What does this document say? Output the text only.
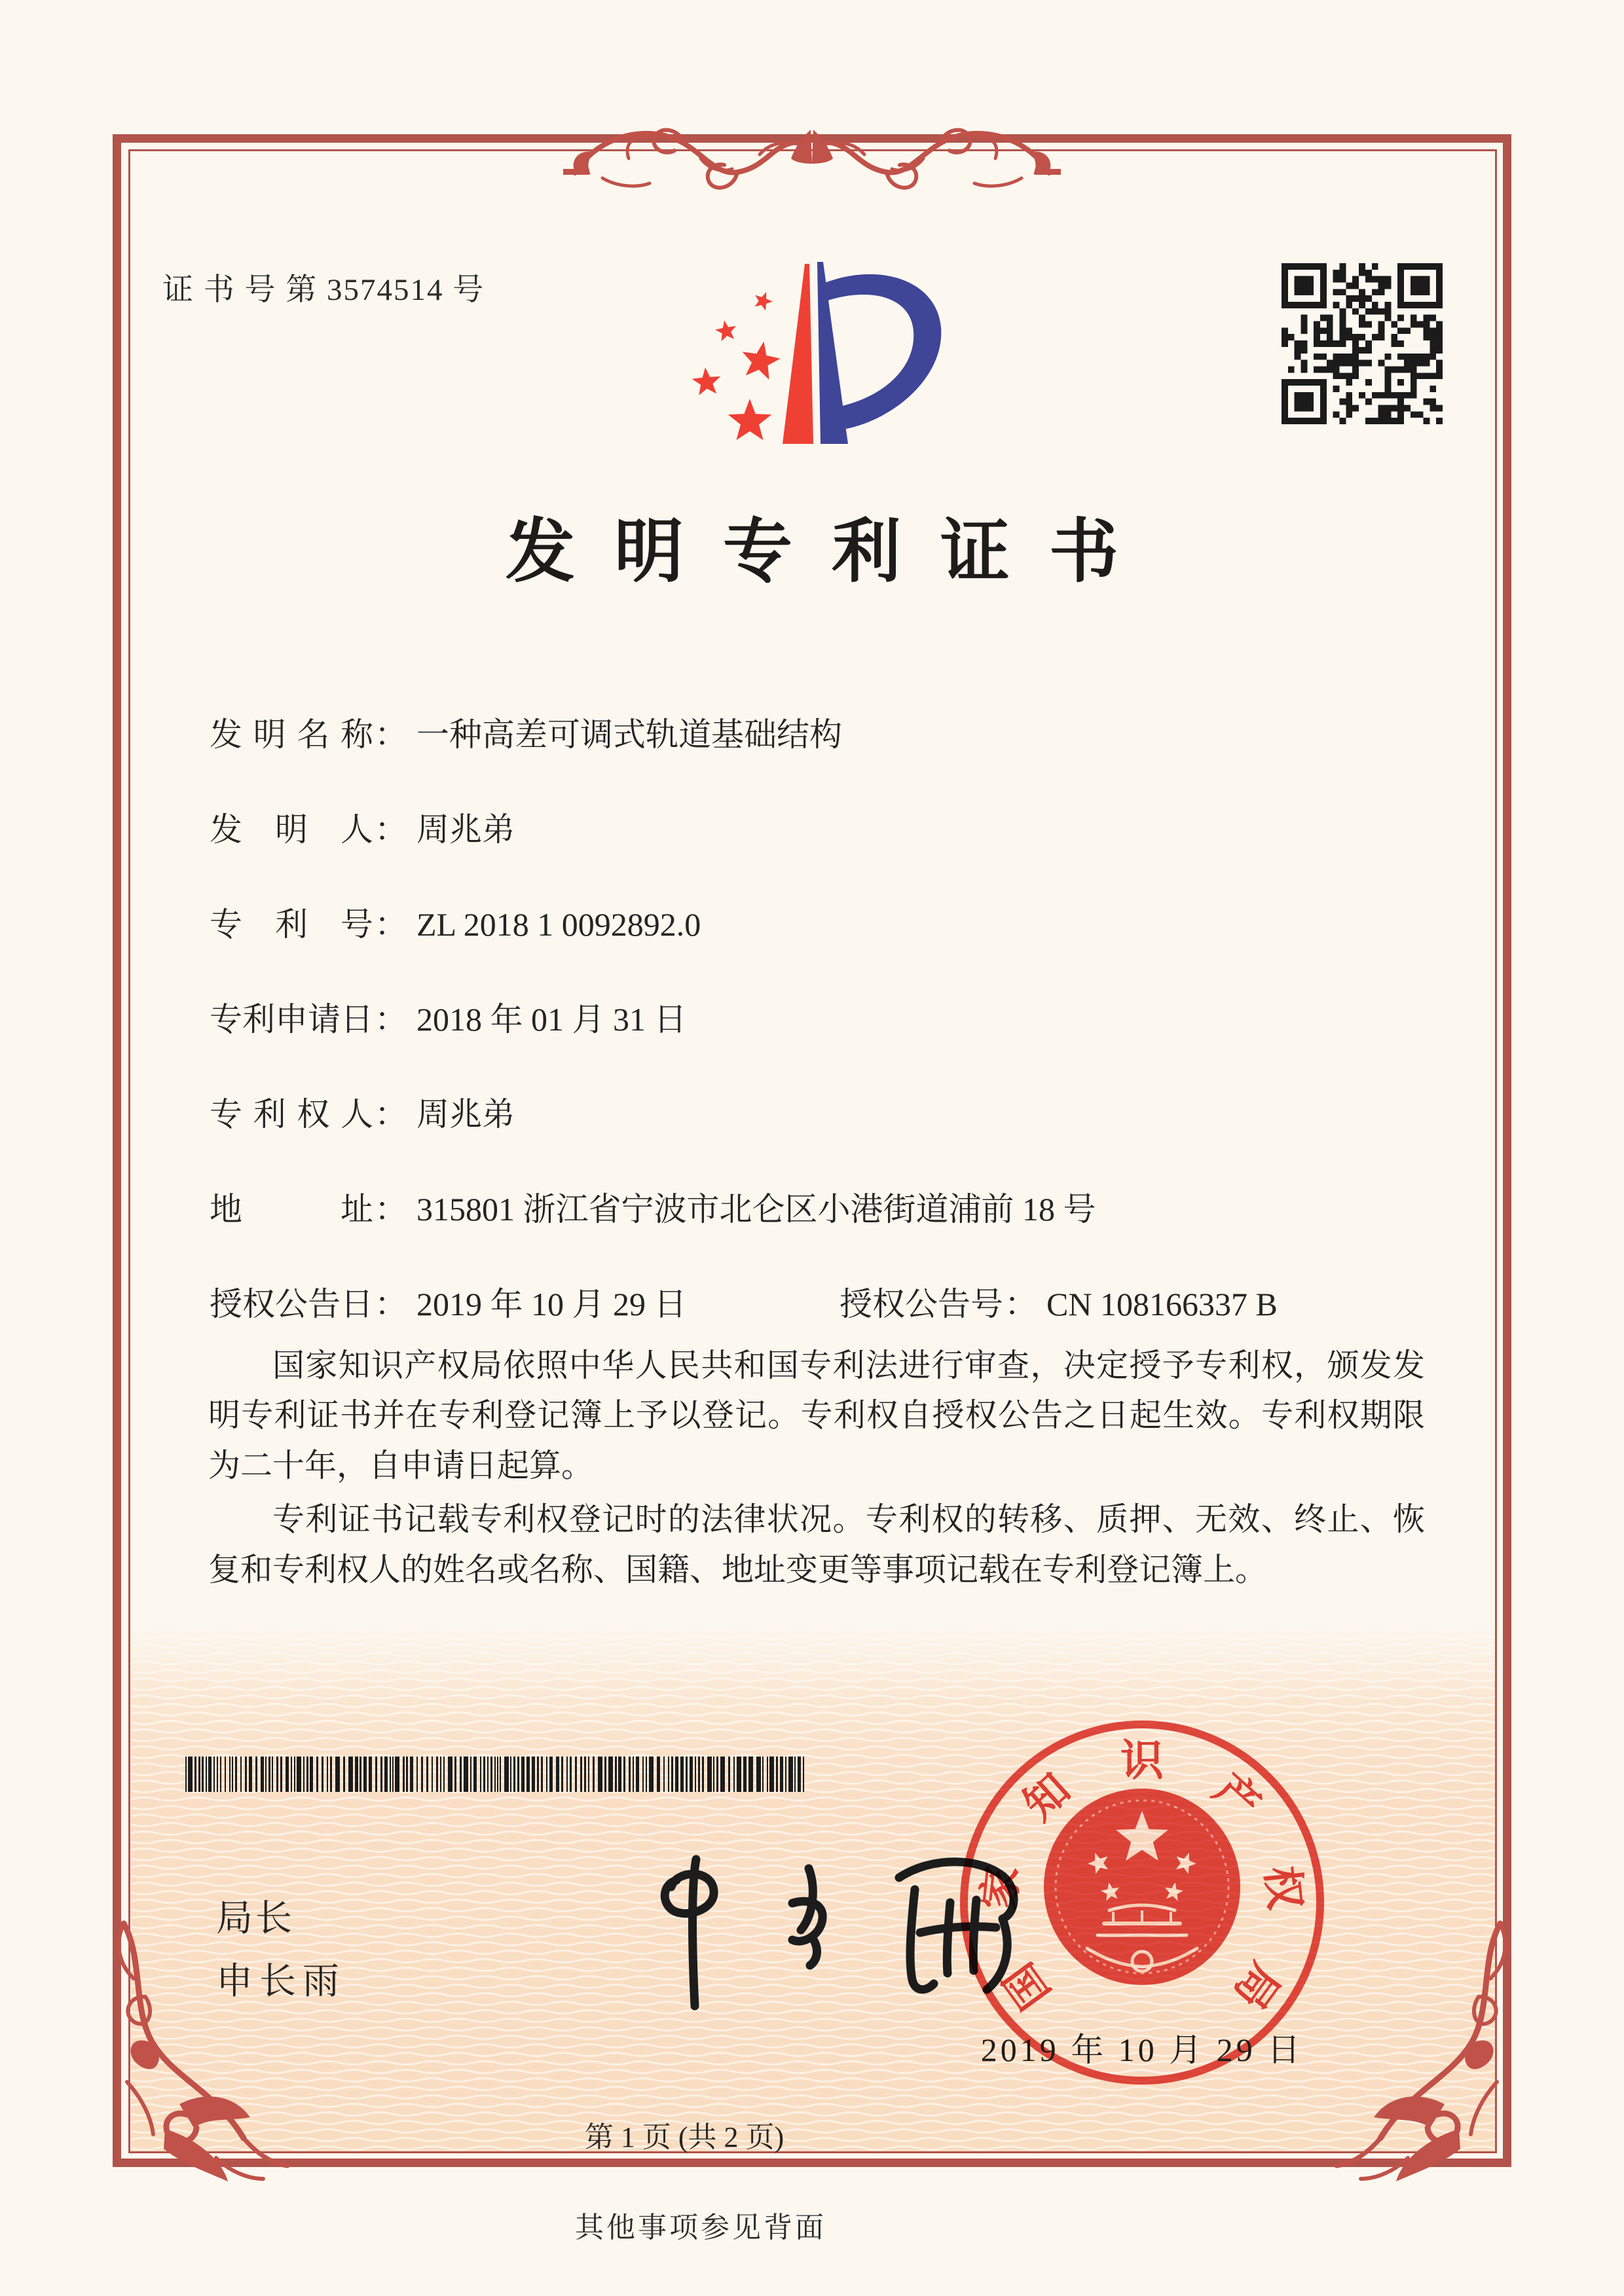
证 书 号 第 3574514 号
发明专利证书
发明名称： 一种高差可调式轨道基础结构
发明人： 周兆弟
专利号： ZL 2018 1 0092892.0
专利申请日： 2018 年 01 月 31 日
专利权人： 周兆弟
地址： 315801 浙江省宁波市北仑区小港街道浦前 18 号
授权公告日： 2019 年 10 月 29 日	授权公告号： CN 108166337 B

国家知识产权局依照中华人民共和国专利法进行审查，决定授予专利权，颁发发明专利证书并在专利登记簿上予以登记。专利权自授权公告之日起生效。专利权期限为二十年，自申请日起算。

专利证书记载专利权登记时的法律状况。专利权的转移、质押、无效、终止、恢复和专利权人的姓名或名称、国籍、地址变更等事项记载在专利登记簿上。

局长
申长雨	国
家
知
识
产
权
局
2019 年 10 月 29 日
第 1 页 (共 2 页)
其他事项参见背面
